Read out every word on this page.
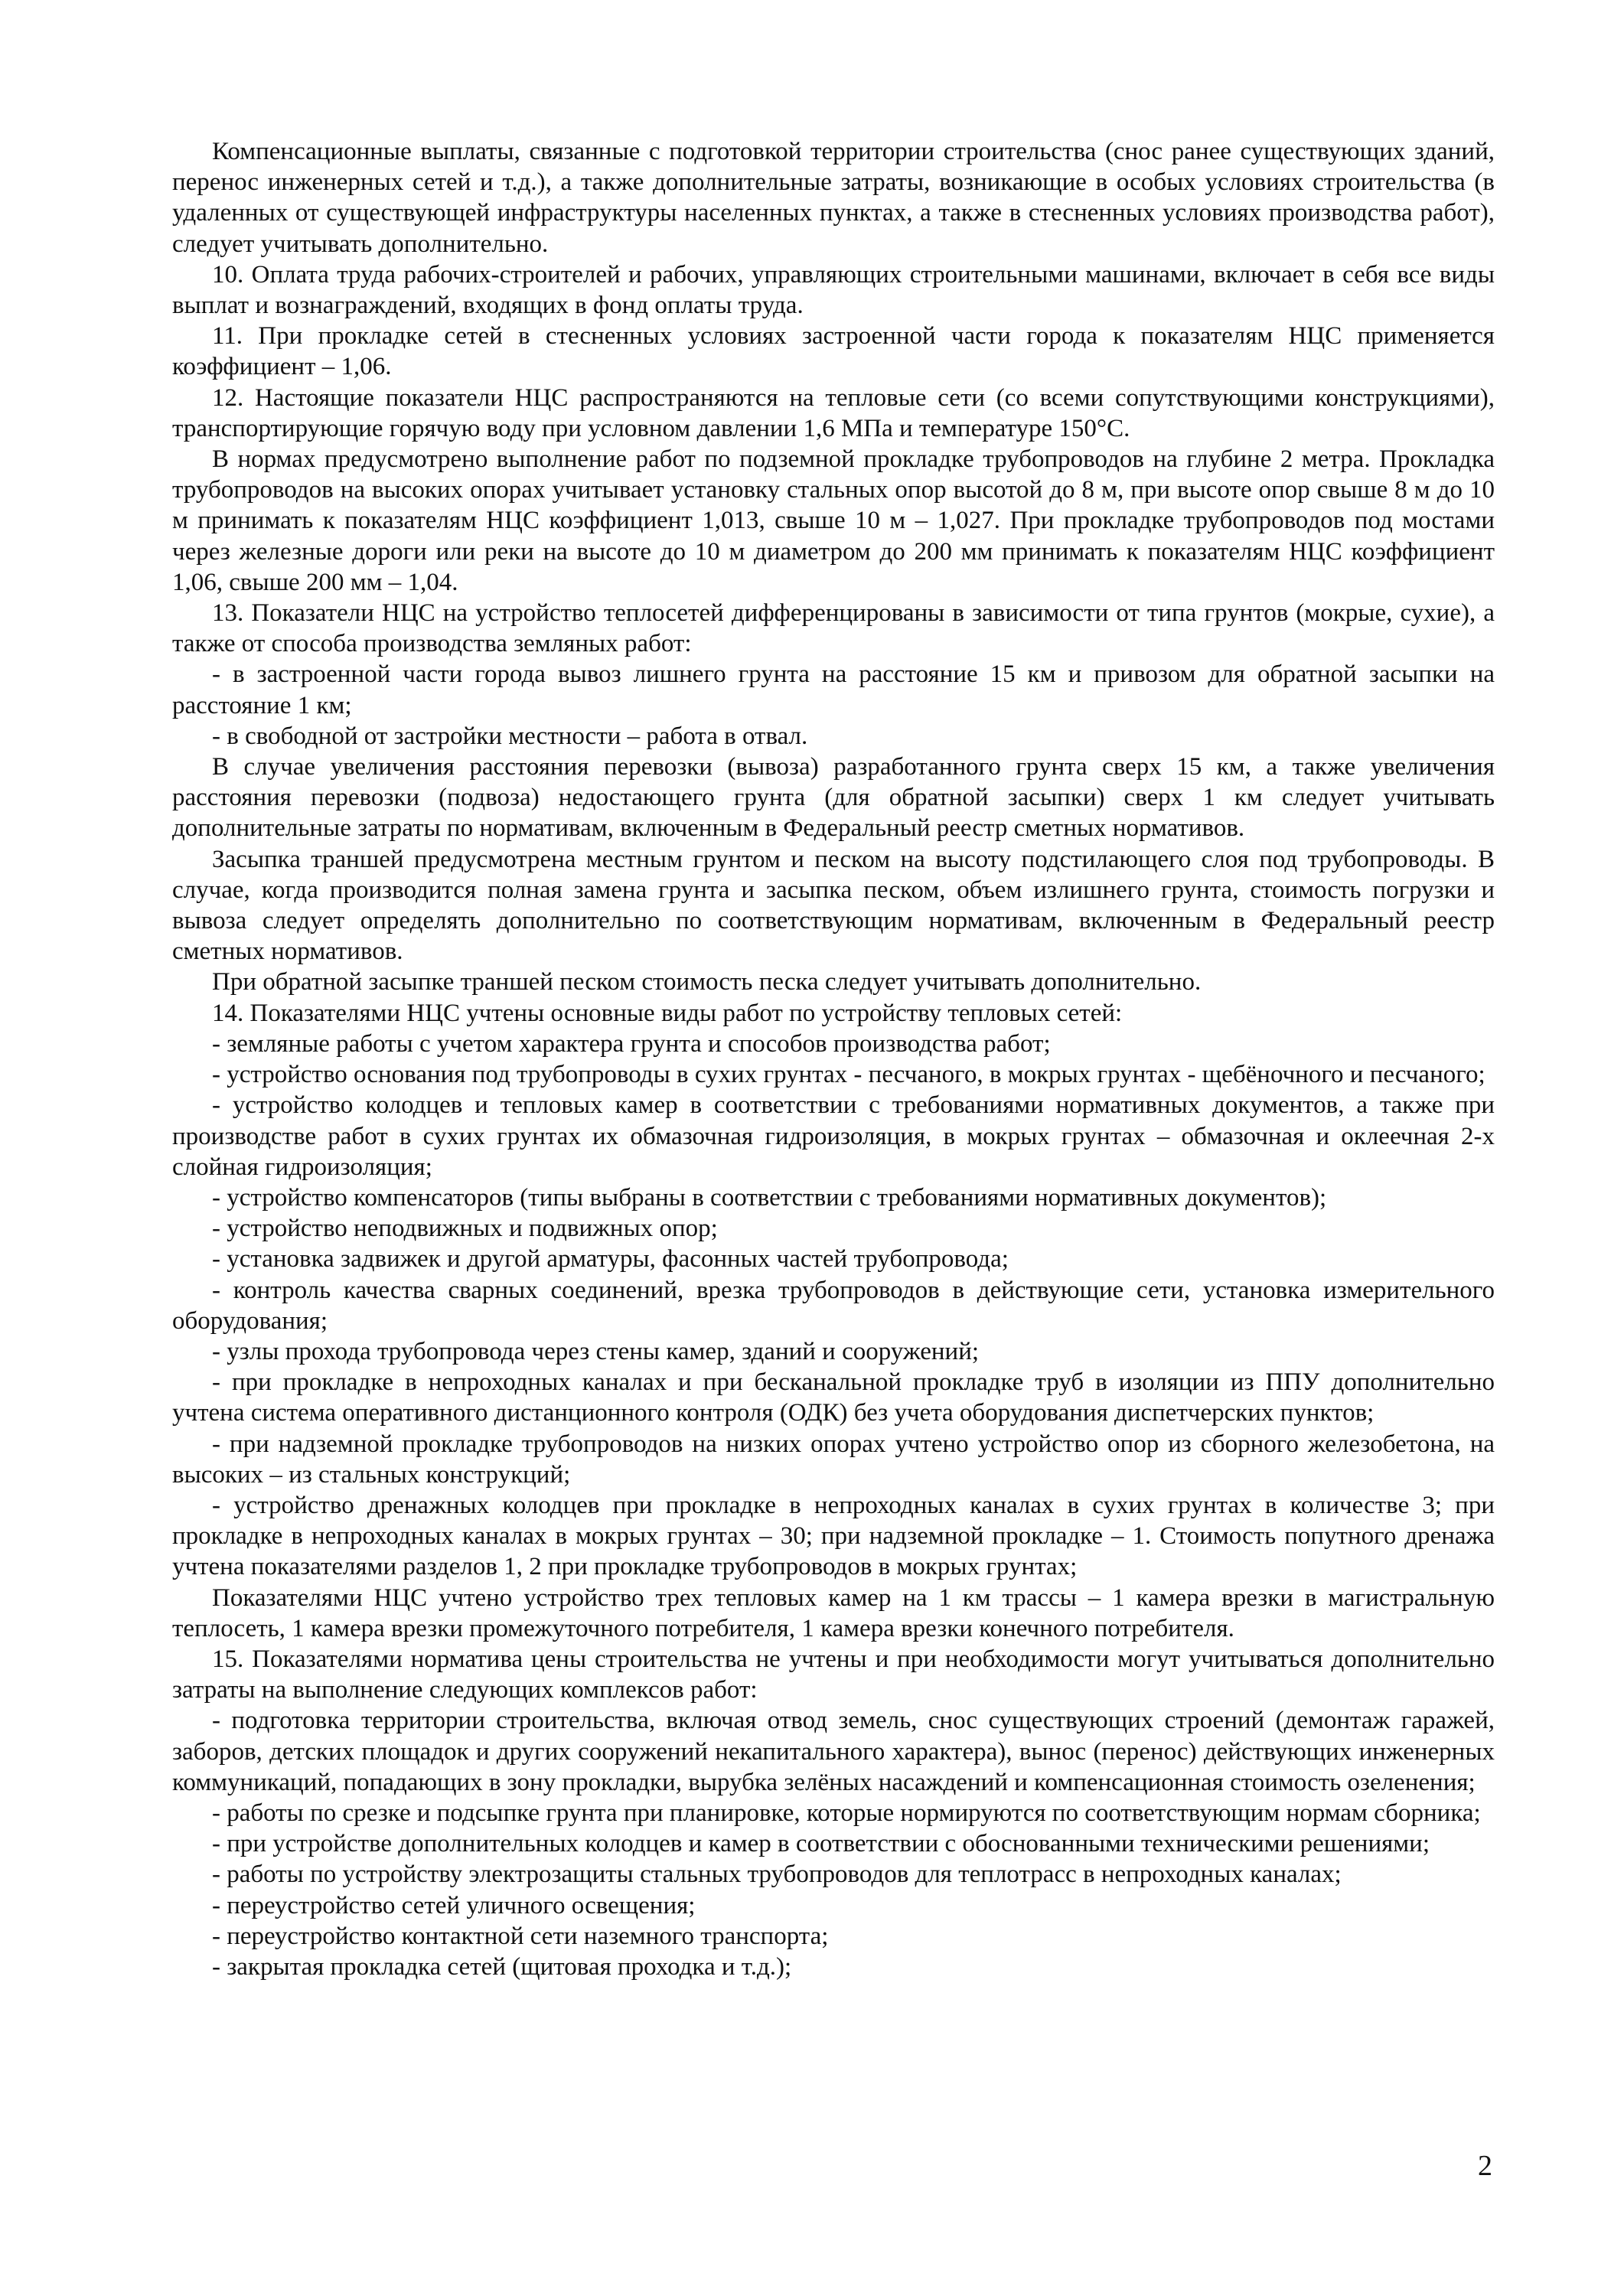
Компенсационные выплаты, связанные с подготовкой территории строительства (снос ранее существующих зданий, перенос инженерных сетей и т.д.), а также дополнительные затраты, возникающие в особых условиях строительства (в удаленных от существующей инфраструктуры населенных пунктах, а также в стесненных условиях производства работ), следует учитывать дополнительно.

10. Оплата труда рабочих-строителей и рабочих, управляющих строительными машинами, включает в себя все виды выплат и вознаграждений, входящих в фонд оплаты труда.

11. При прокладке сетей в стесненных условиях застроенной части города к показателям НЦС применяется коэффициент – 1,06.

12. Настоящие показатели НЦС распространяются на тепловые сети (со всеми сопутствующими конструкциями), транспортирующие горячую воду при условном давлении 1,6 МПа и температуре 150°С.

В нормах предусмотрено выполнение работ по подземной прокладке трубопроводов на глубине 2 метра. Прокладка трубопроводов на высоких опорах учитывает установку стальных опор высотой до 8 м, при высоте опор свыше 8 м до 10 м принимать к показателям НЦС коэффициент 1,013, свыше 10 м – 1,027. При прокладке трубопроводов под мостами через железные дороги или реки на высоте до 10 м диаметром до 200 мм принимать к показателям НЦС коэффициент 1,06, свыше 200 мм – 1,04.

13. Показатели НЦС на устройство теплосетей дифференцированы в зависимости от типа грунтов (мокрые, сухие), а также от способа производства земляных работ:

- в застроенной части города вывоз лишнего грунта на расстояние 15 км и привозом для обратной засыпки на расстояние 1 км;

- в свободной от застройки местности – работа в отвал.

В случае увеличения расстояния перевозки (вывоза) разработанного грунта сверх 15 км, а также увеличения расстояния перевозки (подвоза) недостающего грунта (для обратной засыпки) сверх 1 км следует учитывать дополнительные затраты по нормативам, включенным в Федеральный реестр сметных нормативов.

Засыпка траншей предусмотрена местным грунтом и песком на высоту подстилающего слоя под трубопроводы. В случае, когда производится полная замена грунта и засыпка песком, объем излишнего грунта, стоимость погрузки и вывоза следует определять дополнительно по соответствующим нормативам, включенным в Федеральный реестр сметных нормативов.

При обратной засыпке траншей песком стоимость песка следует учитывать дополнительно.

14. Показателями НЦС учтены основные виды работ по устройству тепловых сетей:

- земляные работы с учетом характера грунта и способов производства работ;

- устройство основания под трубопроводы в сухих грунтах - песчаного, в мокрых грунтах - щебёночного и песчаного;

- устройство колодцев и тепловых камер в соответствии с требованиями нормативных документов, а также при производстве работ в сухих грунтах их обмазочная гидроизоляция, в мокрых грунтах – обмазочная и оклеечная 2-х слойная гидроизоляция;

- устройство компенсаторов (типы выбраны в соответствии с требованиями нормативных документов);

- устройство неподвижных и подвижных опор;

- установка задвижек и другой арматуры, фасонных частей трубопровода;

- контроль качества сварных соединений, врезка трубопроводов в действующие сети, установка измерительного оборудования;

- узлы прохода трубопровода через стены камер, зданий и сооружений;

- при прокладке в непроходных каналах и при бесканальной прокладке труб в изоляции из ППУ дополнительно учтена система оперативного дистанционного контроля (ОДК) без учета оборудования диспетчерских пунктов;

- при надземной прокладке трубопроводов на низких опорах учтено устройство опор из сборного железобетона, на высоких – из стальных конструкций;

- устройство дренажных колодцев при прокладке в непроходных каналах в сухих грунтах в количестве 3; при прокладке в непроходных каналах в мокрых грунтах – 30; при надземной прокладке – 1. Стоимость попутного дренажа учтена показателями разделов 1, 2 при прокладке трубопроводов в мокрых грунтах;

Показателями НЦС учтено устройство трех тепловых камер на 1 км трассы – 1 камера врезки в магистральную теплосеть, 1 камера врезки промежуточного потребителя, 1 камера врезки конечного потребителя.

15. Показателями норматива цены строительства не учтены и при необходимости могут учитываться дополнительно затраты на выполнение следующих комплексов работ:

- подготовка территории строительства, включая отвод земель, снос существующих строений (демонтаж гаражей, заборов, детских площадок и других сооружений некапитального характера), вынос (перенос) действующих инженерных коммуникаций, попадающих в зону прокладки, вырубка зелёных насаждений и компенсационная стоимость озеленения;

- работы по срезке и подсыпке грунта при планировке, которые нормируются по соответствующим нормам сборника;

- при устройстве дополнительных колодцев и камер в соответствии с обоснованными техническими решениями;

- работы по устройству электрозащиты стальных трубопроводов для теплотрасс в непроходных каналах;

- переустройство сетей уличного освещения;

- переустройство контактной сети наземного транспорта;

- закрытая прокладка сетей (щитовая проходка и т.д.);

2
